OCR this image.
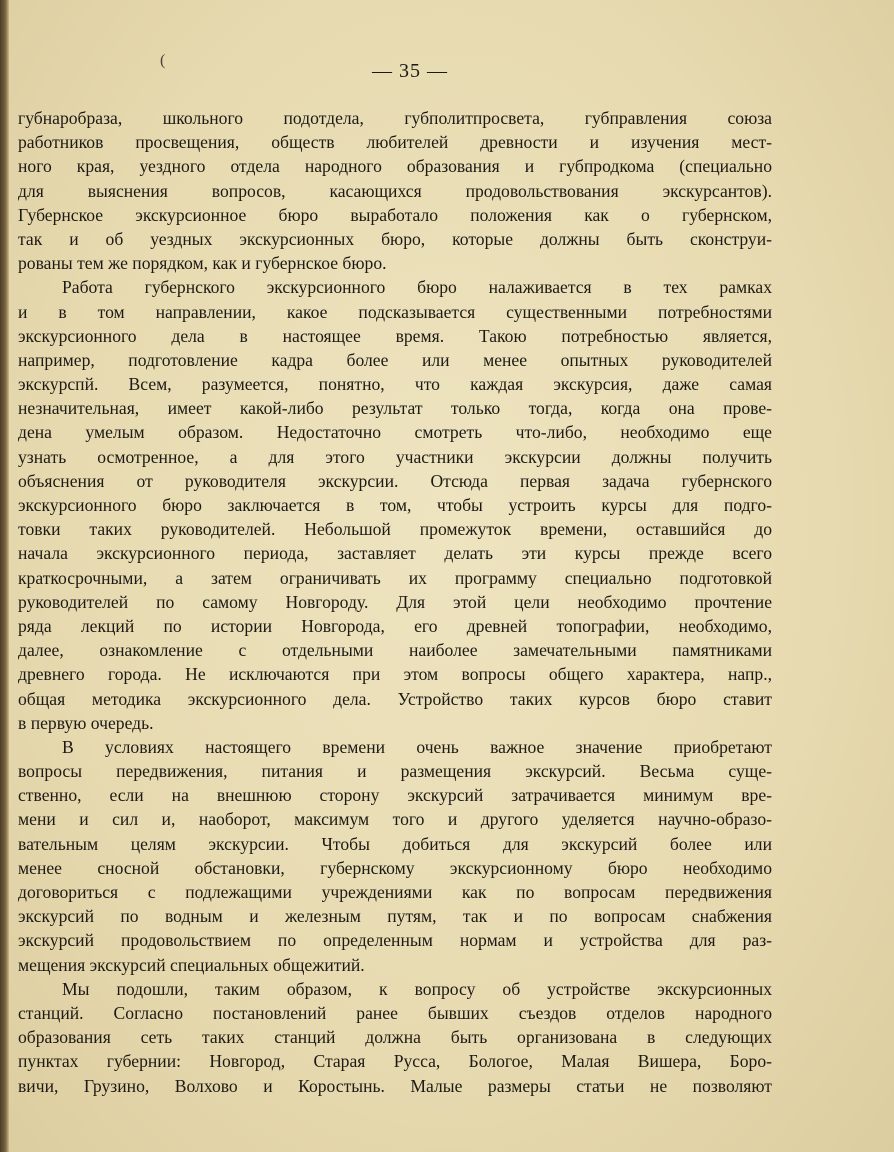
(	— 35 —
губнаробраза, школьного подотдела, губполитпросвета, губправления союза
работников просвещения, обществ любителей древности и изучения мест-
ного края, уездного отдела народного образования и губпродкома (специально
для выяснения вопросов, касающихся продовольствования экскурсантов).
Губернское экскурсионное бюро выработало положения как о губернском,
так и об уездных экскурсионных бюро, которые должны быть сконструи-
рованы тем же порядком, как и губернское бюро.
Работа губернского экскурсионного бюро налаживается в тех рамках
и в том направлении, какое подсказывается существенными потребностями
экскурсионного дела в настоящее время. Такою потребностью является,
например, подготовление кадра более или менее опытных руководителей
экскурспй. Всем, разумеется, понятно, что каждая экскурсия, даже самая
незначительная, имеет какой-либо результат только тогда, когда она прове-
дена умелым образом. Недостаточно смотреть что-либо, необходимо еще
узнать осмотренное, а для этого участники экскурсии должны получить
объяснения от руководителя экскурсии. Отсюда первая задача губернского
экскурсионного бюро заключается в том, чтобы устроить курсы для подго-
товки таких руководителей. Небольшой промежуток времени, оставшийся до
начала экскурсионного периода, заставляет делать эти курсы прежде всего
краткосрочными, а затем ограничивать их программу специально подготовкой
руководителей по самому Новгороду. Для этой цели необходимо прочтение
ряда лекций по истории Новгорода, его древней топографии, необходимо,
далее, ознакомление с отдельными наиболее замечательными памятниками
древнего города. Не исключаются при этом вопросы общего характера, напр.,
общая методика экскурсионного дела. Устройство таких курсов бюро ставит
в первую очередь.
В условиях настоящего времени очень важное значение приобретают
вопросы передвижения, питания и размещения экскурсий. Весьма суще-
ственно, если на внешнюю сторону экскурсий затрачивается минимум вре-
мени и сил и, наоборот, максимум того и другого уделяется научно-образо-
вательным целям экскурсии. Чтобы добиться для экскурсий более или
менее сносной обстановки, губернскому экскурсионному бюро необходимо
договориться с подлежащими учреждениями как по вопросам передвижения
экскурсий по водным и железным путям, так и по вопросам снабжения
экскурсий продовольствием по определенным нормам и устройства для раз-
мещения экскурсий специальных общежитий.
Мы подошли, таким образом, к вопросу об устройстве экскурсионных
станций. Согласно постановлений ранее бывших съездов отделов народного
образования сеть таких станций должна быть организована в следующих
пунктах губернии: Новгород, Старая Русса, Бологое, Малая Вишера, Боро-
вичи, Грузино, Волхово и Коростынь. Малые размеры статьи не позволяют
